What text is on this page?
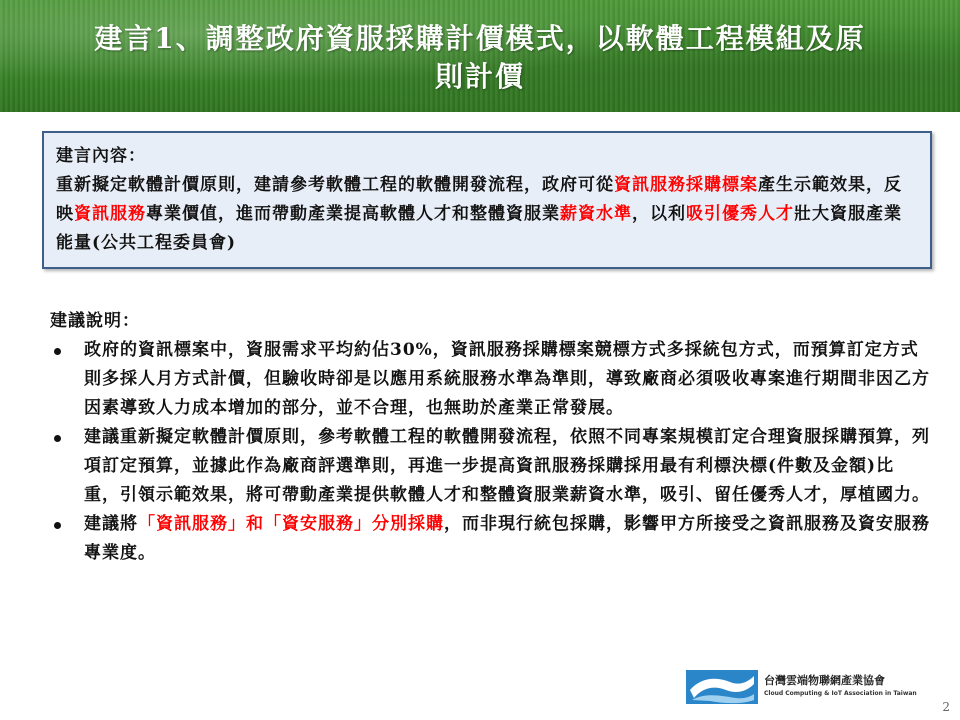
建言1、調整政府資服採購計價模式，以軟體工程模組及原
則計價

建言內容：

重新擬定軟體計價原則，建請參考軟體工程的軟體開發流程，政府可從資訊服務採購標案產生示範效果，反映資訊服務專業價值，進而帶動產業提高軟體人才和整體資服業薪資水準，以利吸引優秀人才壯大資服產業能量(公共工程委員會)

建議說明：
政府的資訊標案中，資服需求平均約佔30%，資訊服務採購標案競標方式多採統包方式，而預算訂定方式則多採人月方式計價，但驗收時卻是以應用系統服務水準為準則，導致廠商必須吸收專案進行期間非因乙方因素導致人力成本增加的部分，並不合理，也無助於產業正常發展。
建議重新擬定軟體計價原則，參考軟體工程的軟體開發流程，依照不同專案規模訂定合理資服採購預算，列項訂定預算，並據此作為廠商評選準則，再進一步提高資訊服務採購採用最有利標決標(件數及金額)比重，引領示範效果，將可帶動產業提供軟體人才和整體資服業薪資水準，吸引、留任優秀人才，厚植國力。
建議將「資訊服務」和「資安服務」分別採購，而非現行統包採購，影響甲方所接受之資訊服務及資安服務專業度。
台灣雲端物聯網產業協會
Cloud Computing & IoT Association in Taiwan
2
